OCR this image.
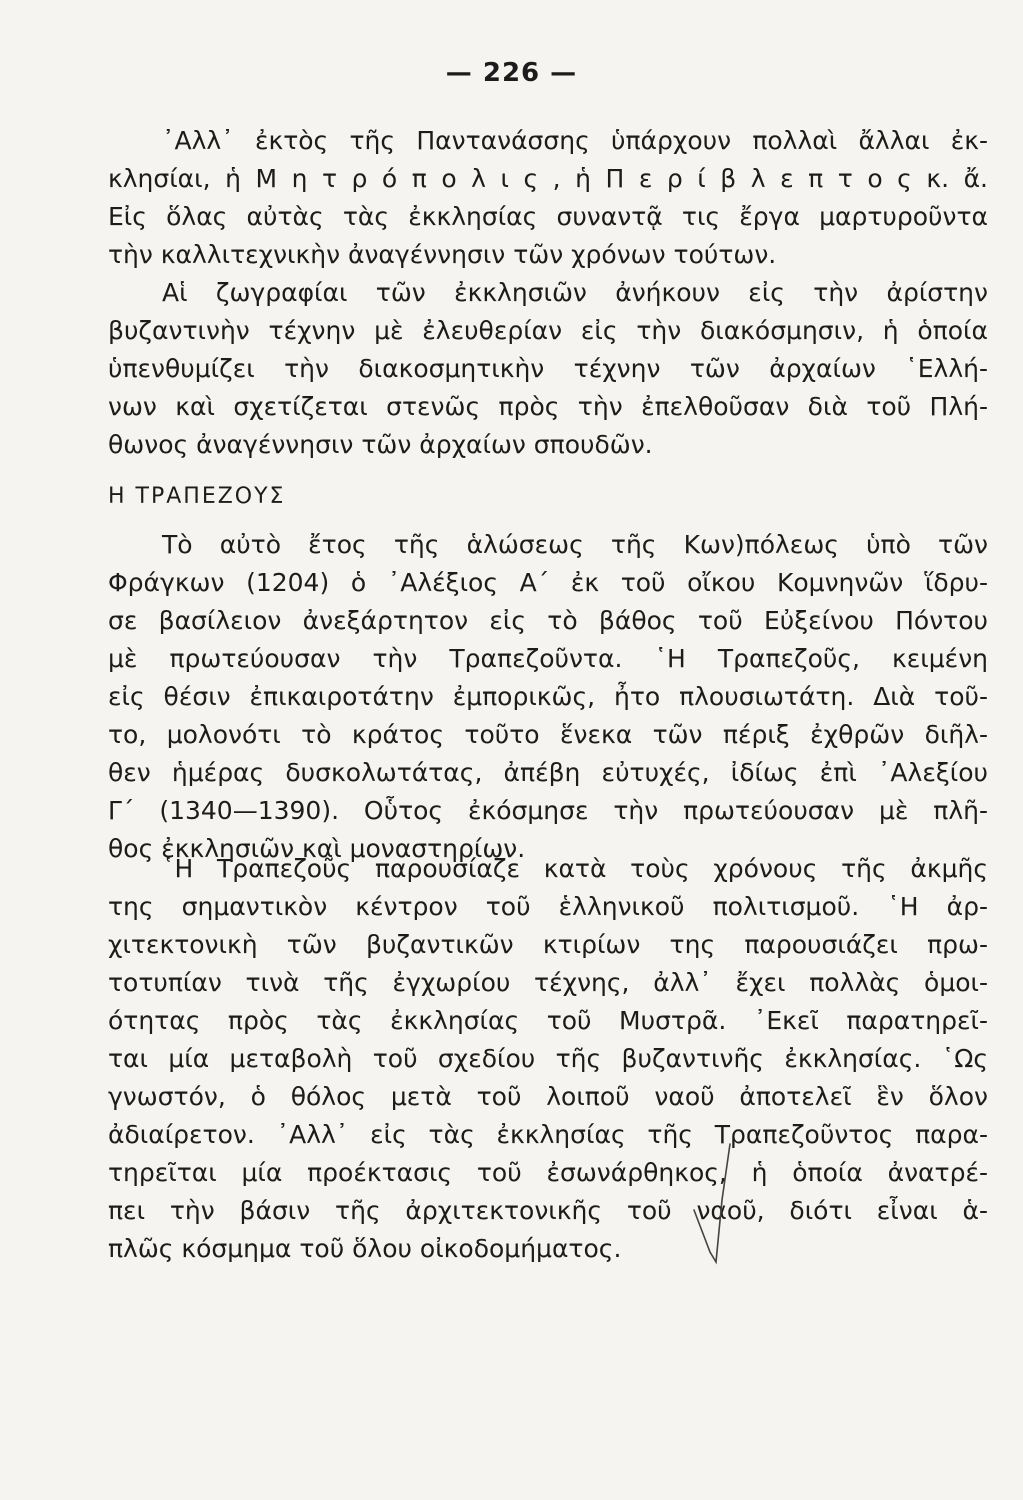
— 226 —
᾿Αλλ᾿ ἐκτὸς τῆς Παντανάσσης ὑπάρχουν πολλαὶ ἄλλαι ἐκ-
κλησίαι, ἡ Μ η τ ρ ό π ο λ ι ς , ἡ Π ε ρ ί β λ ε π τ ο ς κ. ἄ.
Εἰς ὅλας αὐτὰς τὰς ἐκκλησίας συναντᾷ τις ἔργα μαρτυροῦντα
τὴν καλλιτεχνικὴν ἀναγέννησιν τῶν χρόνων τούτων.
Αἱ ζωγραφίαι τῶν ἐκκλησιῶν ἀνήκουν εἰς τὴν ἀρίστην
βυζαντινὴν τέχνην μὲ ἐλευθερίαν εἰς τὴν διακόσμησιν, ἡ ὁποία
ὑπενθυμίζει τὴν διακοσμητικὴν τέχνην τῶν ἀρχαίων ῾Ελλή-
νων καὶ σχετίζεται στενῶς πρὸς τὴν ἐπελθοῦσαν διὰ τοῦ Πλή-
θωνος ἀναγέννησιν τῶν ἀρχαίων σπουδῶν.
Η ΤΡΑΠΕΖΟΥΣ
Τὸ αὐτὸ ἔτος τῆς ἁλώσεως τῆς Κων)πόλεως ὑπὸ τῶν
Φράγκων (1204) ὁ ᾿Αλέξιος Α΄ ἐκ τοῦ οἴκου Κομνηνῶν ἵδρυ-
σε βασίλειον ἀνεξάρτητον εἰς τὸ βάθος τοῦ Εὐξείνου Πόντου
μὲ πρωτεύουσαν τὴν Τραπεζοῦντα. ῾Η Τραπεζοῦς, κειμένη
εἰς θέσιν ἐπικαιροτάτην ἐμπορικῶς, ἦτο πλουσιωτάτη. Διὰ τοῦ-
το, μολονότι τὸ κράτος τοῦτο ἕνεκα τῶν πέριξ ἐχθρῶν διῆλ-
θεν ἡμέρας δυσκολωτάτας, ἀπέβη εὐτυχές, ἰδίως ἐπὶ ᾿Αλεξίου
Γ΄ (1340—1390). Οὗτος ἐκόσμησε τὴν πρωτεύουσαν μὲ πλῆ-
θος ἐκκλησιῶν καὶ μοναστηρίων.
῾Η Τραπεζοῦς παρουσίαζε κατὰ τοὺς χρόνους τῆς ἀκμῆς
της σημαντικὸν κέντρον τοῦ ἑλληνικοῦ πολιτισμοῦ. ῾Η ἀρ-
χιτεκτονικὴ τῶν βυζαντικῶν κτιρίων της παρουσιάζει πρω-
τοτυπίαν τινὰ τῆς ἐγχωρίου τέχνης, ἀλλ᾿ ἔχει πολλὰς ὁμοι-
ότητας πρὸς τὰς ἐκκλησίας τοῦ Μυστρᾶ. ᾿Εκεῖ παρατηρεῖ-
ται μία μεταβολὴ τοῦ σχεδίου τῆς βυζαντινῆς ἐκκλησίας. ῾Ως
γνωστόν, ὁ θόλος μετὰ τοῦ λοιποῦ ναοῦ ἀποτελεῖ ἓν ὅλον
ἀδιαίρετον. ᾿Αλλ᾿ εἰς τὰς ἐκκλησίας τῆς Τραπεζοῦντος παρα-
τηρεῖται μία προέκτασις τοῦ ἐσωνάρθηκος, ἡ ὁποία ἀνατρέ-
πει τὴν βάσιν τῆς ἀρχιτεκτονικῆς τοῦ ναοῦ, διότι εἶναι ἁ-
πλῶς κόσμημα τοῦ ὅλου οἰκοδομήματος.
